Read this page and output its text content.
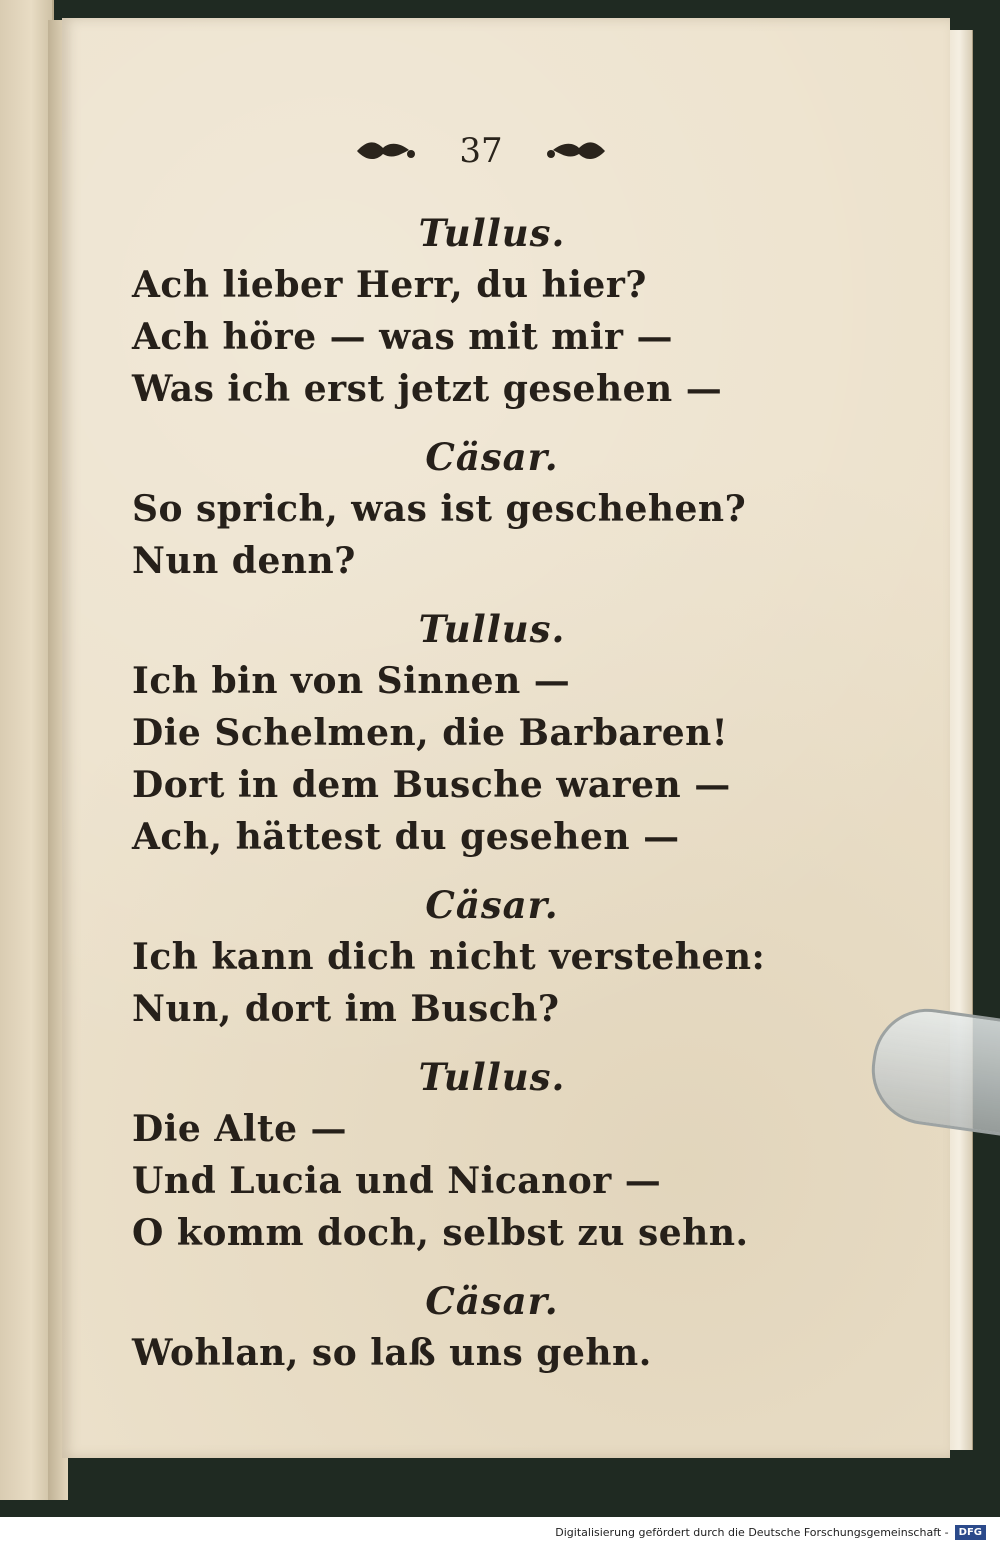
37
Tullus.
Ach lieber Herr, du hier?
Ach höre — was mit mir —
Was ich erst jetzt gesehen —
Cäsar.
So sprich, was ist geschehen?
Nun denn?
Tullus.
Ich bin von Sinnen —
Die Schelmen, die Barbaren!
Dort in dem Busche waren —
Ach, hättest du gesehen —
Cäsar.
Ich kann dich nicht verstehen:
Nun, dort im Busch?
Tullus.
Die Alte —
Und Lucia und Nicanor —
O komm doch, selbst zu sehn.
Cäsar.
Wohlan, so laß uns gehn.
Digitalisierung gefördert durch die Deutsche Forschungsgemeinschaft -	DFG
